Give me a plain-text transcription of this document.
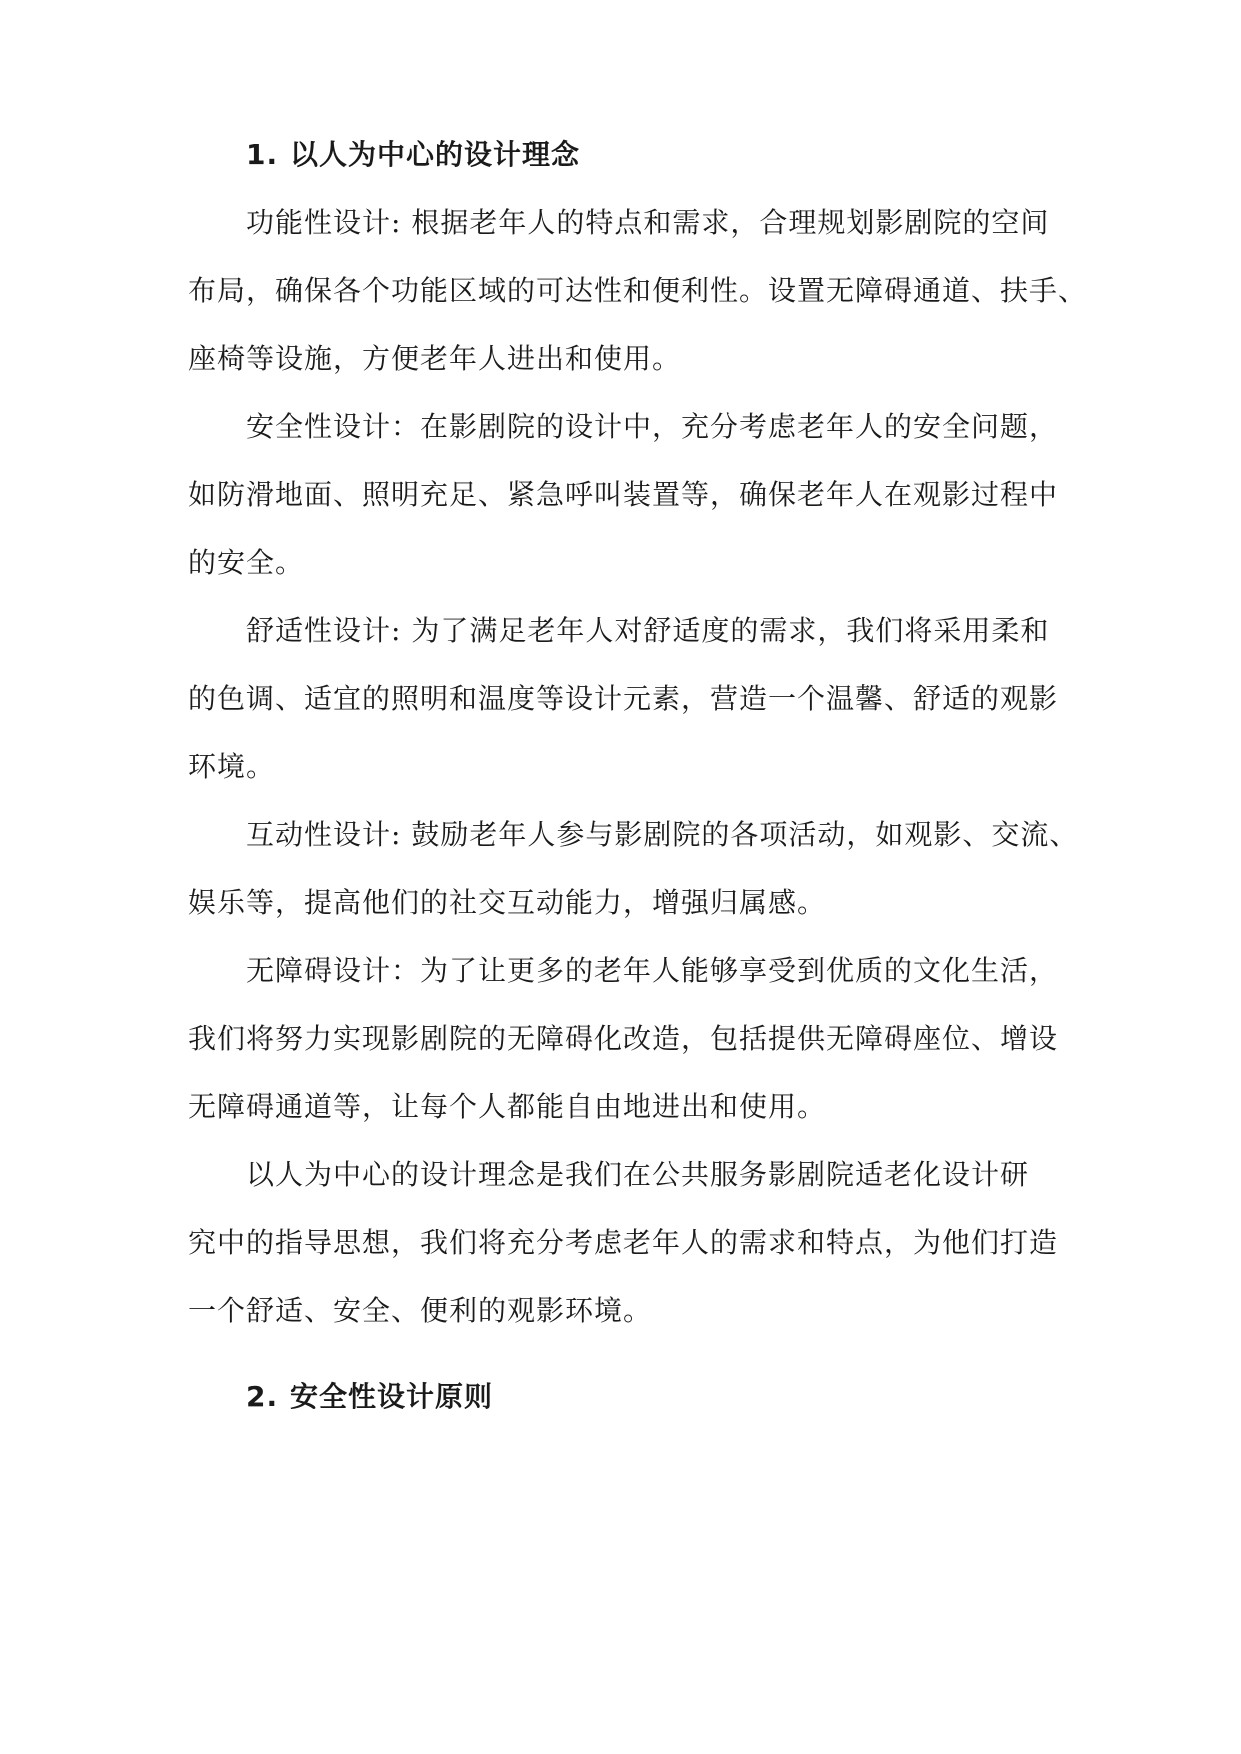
1. 以人为中心的设计理念
功能性设计: 根据老年人的特点和需求，合理规划影剧院的空间
布局，确保各个功能区域的可达性和便利性。设置无障碍通道、扶手、
座椅等设施，方便老年人进出和使用。
安全性设计：在影剧院的设计中，充分考虑老年人的安全问题，
如防滑地面、照明充足、紧急呼叫装置等，确保老年人在观影过程中
的安全。
舒适性设计: 为了满足老年人对舒适度的需求，我们将采用柔和
的色调、适宜的照明和温度等设计元素，营造一个温馨、舒适的观影
环境。
互动性设计: 鼓励老年人参与影剧院的各项活动，如观影、交流、
娱乐等，提高他们的社交互动能力，增强归属感。
无障碍设计：为了让更多的老年人能够享受到优质的文化生活，
我们将努力实现影剧院的无障碍化改造，包括提供无障碍座位、增设
无障碍通道等，让每个人都能自由地进出和使用。
以人为中心的设计理念是我们在公共服务影剧院适老化设计研
究中的指导思想，我们将充分考虑老年人的需求和特点，为他们打造
一个舒适、安全、便利的观影环境。
2. 安全性设计原则
